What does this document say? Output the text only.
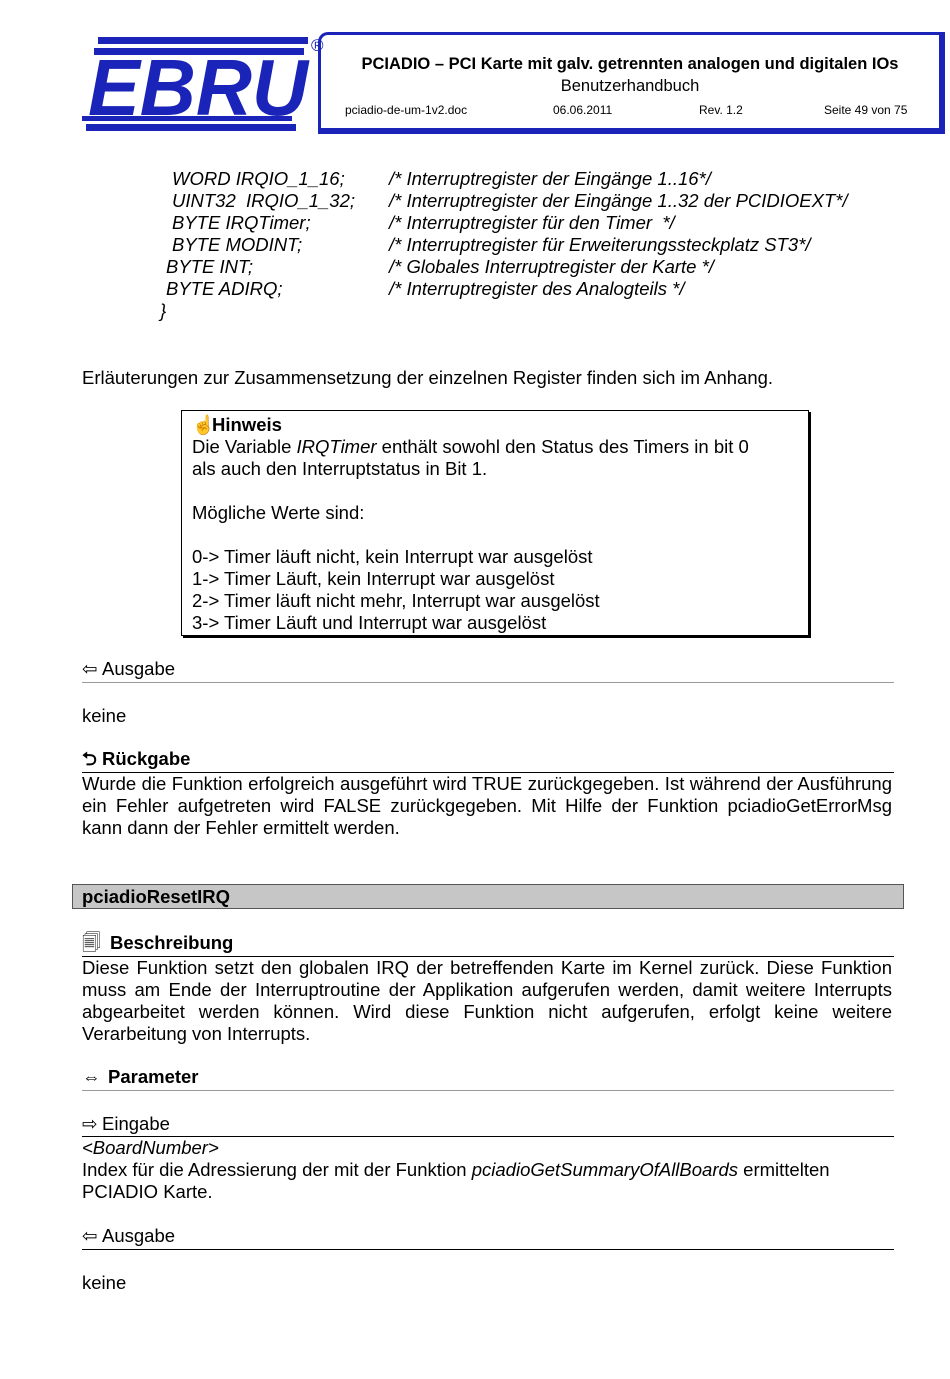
EBRU ®
PCIADIO – PCI Karte mit galv. getrennten analogen und digitalen IOs
Benutzerhandbuch
pciadio-de-um-1v2.doc	06.06.2011	Rev. 1.2	Seite 49 von 75
WORD IRQIO_1_16; /* Interruptregister der Eingänge 1..16*/
UINT32  IRQIO_1_32; /* Interruptregister der Eingänge 1..32 der PCIDIOEXT*/
BYTE IRQTimer;	/* Interruptregister für den Timer  */
BYTE MODINT;	/* Interruptregister für Erweiterungssteckplatz ST3*/
BYTE INT;	/* Globales Interruptregister der Karte */
BYTE ADIRQ;	/* Interruptregister des Analogteils */
}
Erläuterungen zur Zusammensetzung der einzelnen Register finden sich im Anhang.
☝Hinweis
Die Variable IRQTimer enthält sowohl den Status des Timers in bit 0
als auch den Interruptstatus in Bit 1.
Mögliche Werte sind:
0-> Timer läuft nicht, kein Interrupt war ausgelöst
1-> Timer Läuft, kein Interrupt war ausgelöst
2-> Timer läuft nicht mehr, Interrupt war ausgelöst
3-> Timer Läuft und Interrupt war ausgelöst
⇦ Ausgabe
keine
⮌ Rückgabe
Wurde die Funktion erfolgreich ausgeführt wird TRUE zurückgegeben. Ist während der Ausführung ein Fehler aufgetreten wird FALSE zurückgegeben. Mit Hilfe der Funktion pciadioGetErrorMsg kann dann der Fehler ermittelt werden.
pciadioResetIRQ
🗐 Beschreibung
Diese Funktion setzt den globalen IRQ der betreffenden Karte im Kernel zurück. Diese Funktion muss am Ende der Interruptroutine der Applikation aufgerufen werden, damit weitere Interrupts abgearbeitet werden können. Wird diese Funktion nicht aufgerufen, erfolgt keine weitere Verarbeitung von Interrupts.
⇔ Parameter
⇨ Eingabe
<BoardNumber>
Index für die Adressierung der mit der Funktion pciadioGetSummaryOfAllBoards ermittelten
PCIADIO Karte.
⇦ Ausgabe
keine
